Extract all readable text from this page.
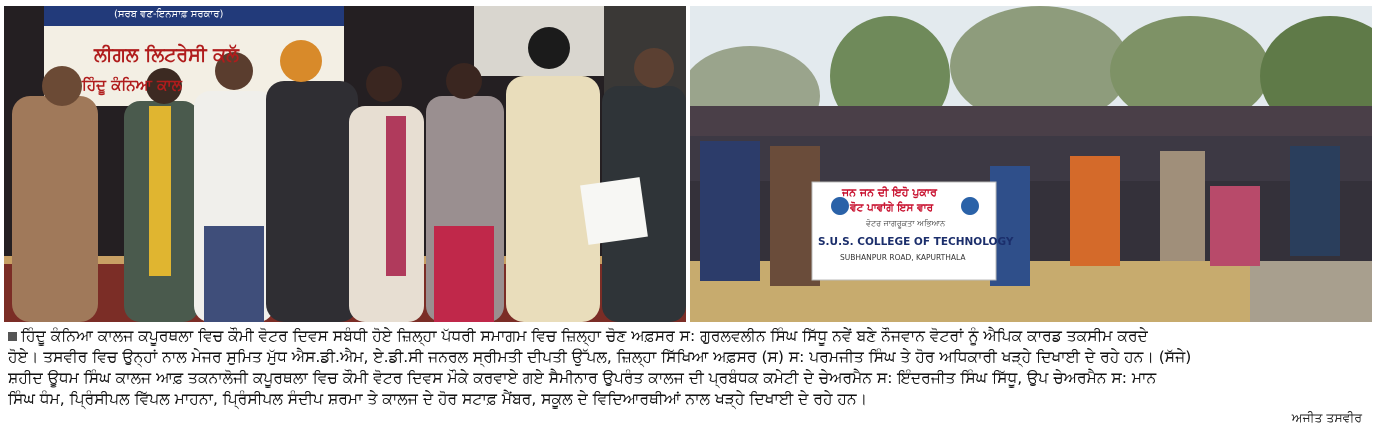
(ਸਰਬ ਵਣ-ਇਨਸਾਫ਼ ਸਰਕਾਰ)
ਲੀਗਲ ਲਿਟਰੇਸੀ ਕਲੱ
ਹਿੰਦੂ ਕੰਨਿਆ ਕਾਲ
ਜਨ ਜਨ ਦੀ ਇਹੋ ਪੁਕਾਰ
ਵੋਟ ਪਾਵਾਂਗੇ ਇਸ ਵਾਰ
ਵੋਟਰ ਜਾਗਰੂਕਤਾ ਅਭਿਆਨ
S.U.S. COLLEGE OF TECHNOLOGY
SUBHANPUR ROAD, KAPURTHALA
ਹਿੰਦੂ ਕੰਨਿਆ ਕਾਲਜ ਕਪੂਰਥਲਾ ਵਿਚ ਕੌਮੀ ਵੋਟਰ ਦਿਵਸ ਸਬੰਧੀ ਹੋਏ ਜ਼ਿਲ੍ਹਾ ਪੱਧਰੀ ਸਮਾਗਮ ਵਿਚ ਜ਼ਿਲ੍ਹਾ ਚੋਣ ਅਫ਼ਸਰ ਸ: ਗੁਰਲਵਲੀਨ ਸਿੰਘ ਸਿੱਧੂ ਨਵੇਂ ਬਣੇ ਨੌਜਵਾਨ ਵੋਟਰਾਂ ਨੂੰ ਐਪਿਕ ਕਾਰਡ ਤਕਸੀਮ ਕਰਦੇ
ਹੋਏ। ਤਸਵੀਰ ਵਿਚ ਉਨ੍ਹਾਂ ਨਾਲ ਮੇਜਰ ਸੁਮਿਤ ਮੁੱਧ ਐਸ.ਡੀ.ਐਮ, ਏ.ਡੀ.ਸੀ ਜਨਰਲ ਸ੍ਰੀਮਤੀ ਦੀਪਤੀ ਉੱਪਲ, ਜ਼ਿਲ੍ਹਾ ਸਿੱਖਿਆ ਅਫ਼ਸਰ (ਸ) ਸ: ਪਰਮਜੀਤ ਸਿੰਘ ਤੇ ਹੋਰ ਅਧਿਕਾਰੀ ਖੜ੍ਹੇ ਦਿਖਾਈ ਦੇ ਰਹੇ ਹਨ। (ਸੱਜੇ)
ਸ਼ਹੀਦ ਊਧਮ ਸਿੰਘ ਕਾਲਜ ਆਫ਼ ਤਕਨਾਲੋਜੀ ਕਪੂਰਥਲਾ ਵਿਚ ਕੌਮੀ ਵੋਟਰ ਦਿਵਸ ਮੌਕੇ ਕਰਵਾਏ ਗਏ ਸੈਮੀਨਾਰ ਉਪਰੰਤ ਕਾਲਜ ਦੀ ਪ੍ਰਬੰਧਕ ਕਮੇਟੀ ਦੇ ਚੇਅਰਮੈਨ ਸ: ਇੰਦਰਜੀਤ ਸਿੰਘ ਸਿੱਧੂ, ਉਪ ਚੇਅਰਮੈਨ ਸ: ਮਾਨ
ਸਿੰਘ ਧੰਮ, ਪ੍ਰਿੰਸੀਪਲ ਵਿੱਪਲ ਮਾਹਨਾ, ਪ੍ਰਿੰਸੀਪਲ ਸੰਦੀਪ ਸ਼ਰਮਾ ਤੇ ਕਾਲਜ ਦੇ ਹੋਰ ਸਟਾਫ਼ ਮੈਂਬਰ, ਸਕੂਲ ਦੇ ਵਿਦਿਆਰਥੀਆਂ ਨਾਲ ਖੜ੍ਹੇ ਦਿਖਾਈ ਦੇ ਰਹੇ ਹਨ।
ਅਜੀਤ ਤਸਵੀਰ
